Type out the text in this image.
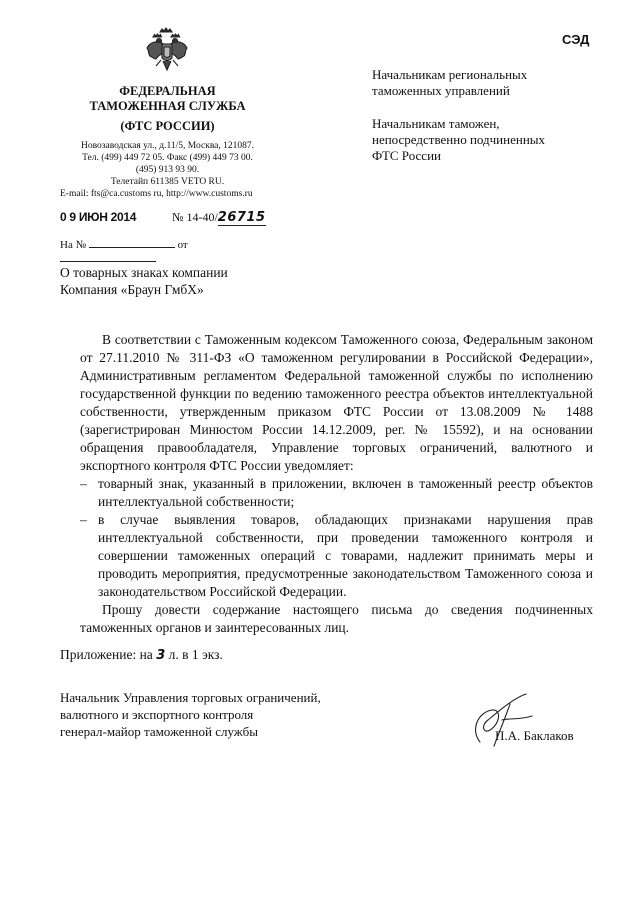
СЭД
ФЕДЕРАЛЬНАЯ
ТАМОЖЕННАЯ СЛУЖБА
(ФТС РОССИИ)
Новозаводская ул., д.11/5, Москва, 121087.
Тел. (499) 449 72 05. Факс (499) 449 73 00.
(495) 913 93 90.
Телетайп 611385 VETO RU.
E-mail: fts@ca.customs ru, http://www.customs.ru
0 9 ИЮН 2014	№ 14-40/26715
На №	от
О товарных знаках компании
Компания «Браун ГмбХ»
Начальникам региональных
таможенных управлений
Начальникам таможен,
непосредственно подчиненных
ФТС России

В соответствии с Таможенным кодексом Таможенного союза, Федеральным законом от 27.11.2010 № 311-ФЗ «О таможенном регулировании в Российской Федерации», Административным регламентом Федеральной таможенной службы по исполнению государственной функции по ведению таможенного реестра объектов интеллектуальной собственности, утвержденным приказом ФТС России от 13.08.2009 № 1488 (зарегистрирован Минюстом России 14.12.2009, рег. № 15592), и на основании обращения правообладателя, Управление торговых ограничений, валютного и экспортного контроля ФТС России уведомляет:

– товарный знак, указанный в приложении, включен в таможенный реестр объектов интеллектуальной собственности;
– в случае выявления товаров, обладающих признаками нарушения прав интеллектуальной собственности, при проведении таможенного контроля и совершении таможенных операций с товарами, надлежит принимать меры и проводить мероприятия, предусмотренные законодательством Таможенного союза и законодательством Российской Федерации.

Прошу довести содержание настоящего письма до сведения подчиненных таможенных органов и заинтересованных лиц.

Приложение: на 3 л. в 1 экз.
Начальник Управления торговых ограничений,
валютного и экспортного контроля
генерал-майор таможенной службы	П.А. Баклаков
